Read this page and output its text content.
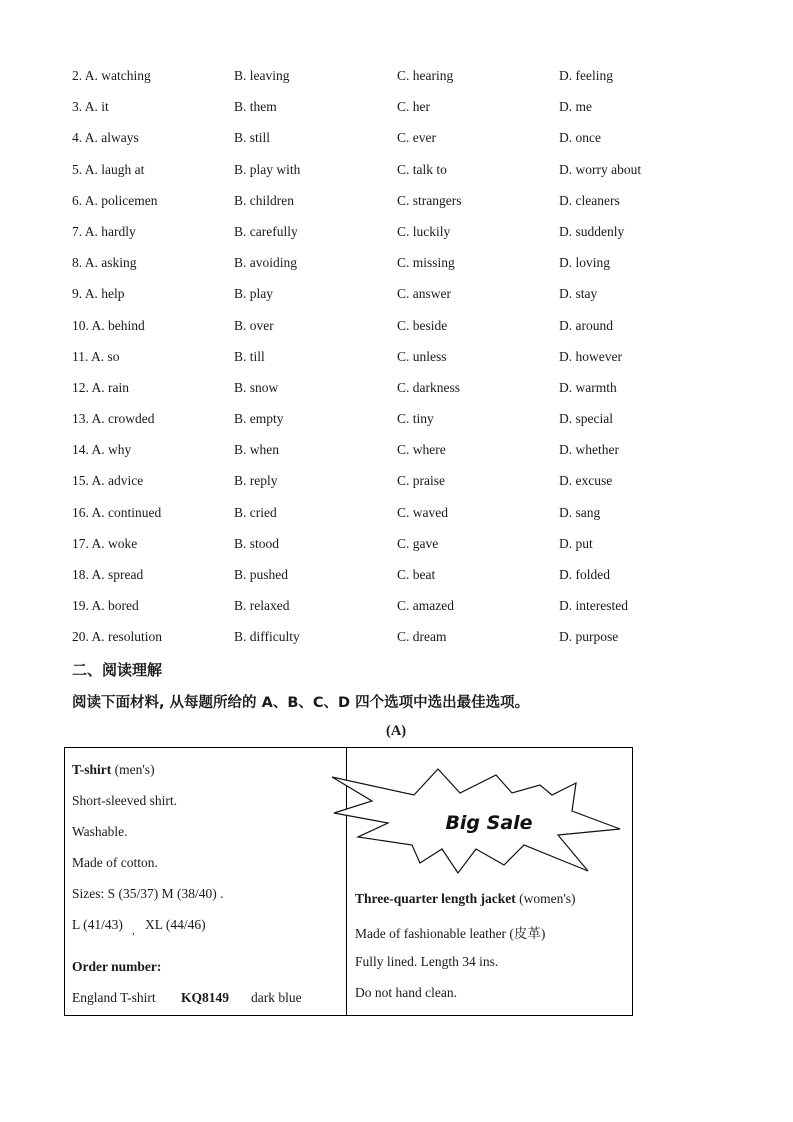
2. A. watching	B. leaving	C. hearing	D. feeling
3. A. it	B. them	C. her	D. me
4. A. always	B. still	C. ever	D. once
5. A. laugh at	B. play with	C. talk to	D. worry about
6. A. policemen	B. children	C. strangers	D. cleaners
7. A. hardly	B. carefully	C. luckily	D. suddenly
8. A. asking	B. avoiding	C. missing	D. loving
9. A. help	B. play	C. answer	D. stay
10. A. behind	B. over	C. beside	D. around
11. A. so	B. till	C. unless	D. however
12. A. rain	B. snow	C. darkness	D. warmth
13. A. crowded	B. empty	C. tiny	D. special
14. A. why	B. when	C. where	D. whether
15. A. advice	B. reply	C. praise	D. excuse
16. A. continued	B. cried	C. waved	D. sang
17. A. woke	B. stood	C. gave	D. put
18. A. spread	B. pushed	C. beat	D. folded
19. A. bored	B. relaxed	C. amazed	D. interested
20. A. resolution	B. difficulty	C. dream	D. purpose
二、阅读理解
阅读下面材料, 从每题所给的 A、B、C、D 四个选项中选出最佳选项。
(A)
T-shirt (men's)
Short-sleeved shirt.
Washable.
Made of cotton.
Sizes: S (35/37) M (38/40) .
L (41/43) , XL (44/46)
Order number:
England T-shirt KQ8149 dark blue
Big Sale
Three-quarter length jacket (women's)
Made of fashionable leather (皮革)
Fully lined. Length 34 ins.
Do not hand clean.
